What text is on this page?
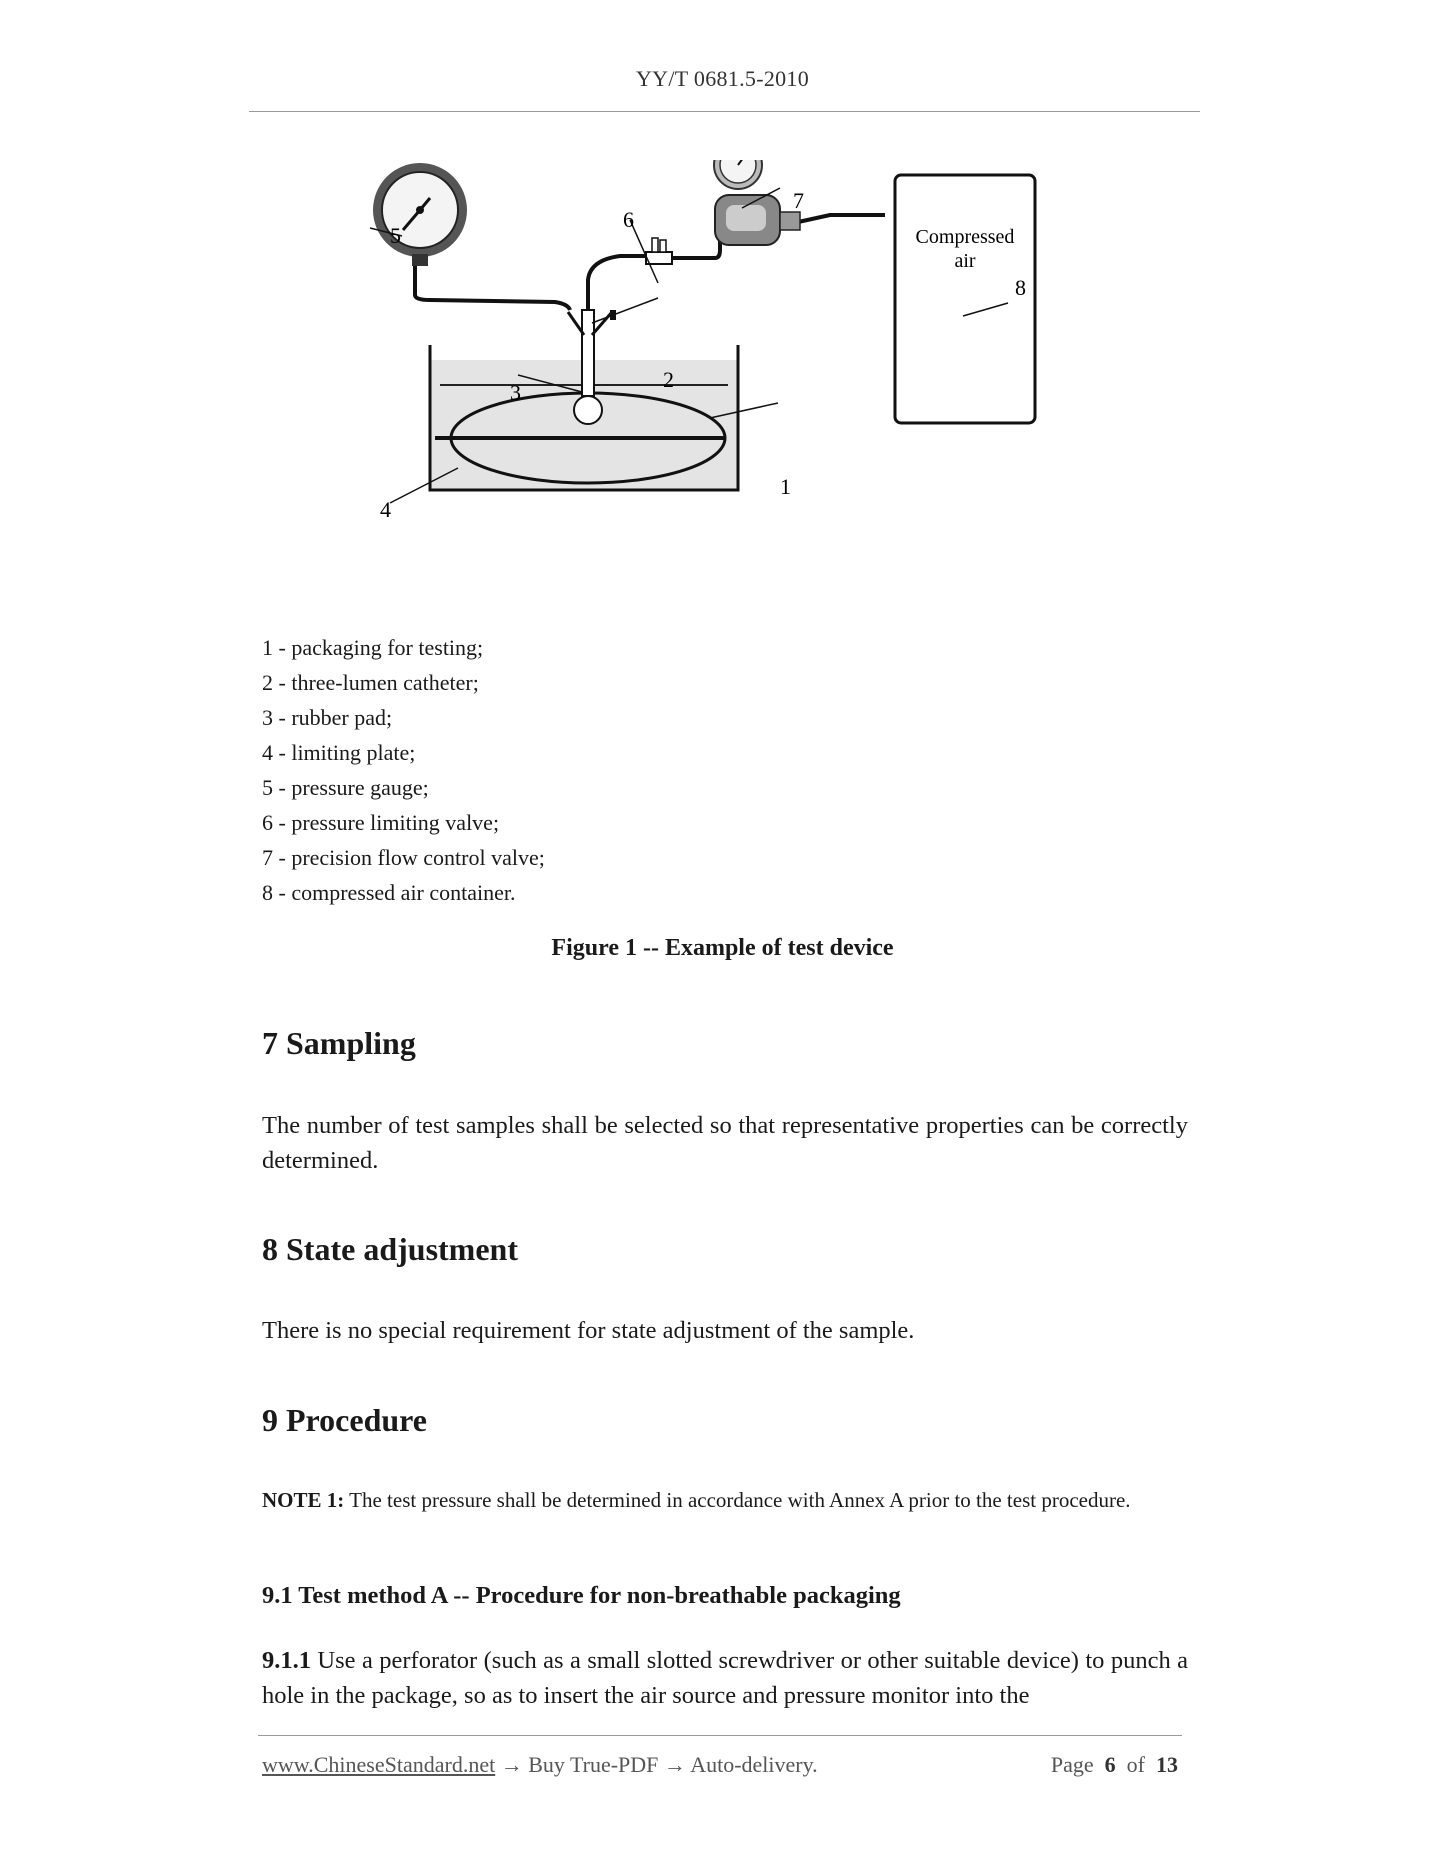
YY/T 0681.5-2010
Compressed
air
1
2
3
4
5
6
7
8
1 - packaging for testing;
2 - three-lumen catheter;
3 - rubber pad;
4 - limiting plate;
5 - pressure gauge;
6 - pressure limiting valve;
7 - precision flow control valve;
8 - compressed air container.
Figure 1 -- Example of test device
7 Sampling

The number of test samples shall be selected so that representative properties can be correctly determined.

8 State adjustment

There is no special requirement for state adjustment of the sample.

9 Procedure

NOTE 1: The test pressure shall be determined in accordance with Annex A prior to the test procedure.

9.1 Test method A -- Procedure for non-breathable packaging

9.1.1 Use a perforator (such as a small slotted screwdriver or other suitable device) to punch a hole in the package, so as to insert the air source and pressure monitor into the

www.ChineseStandard.net → Buy True-PDF → Auto-delivery.	Page 6 of 13
